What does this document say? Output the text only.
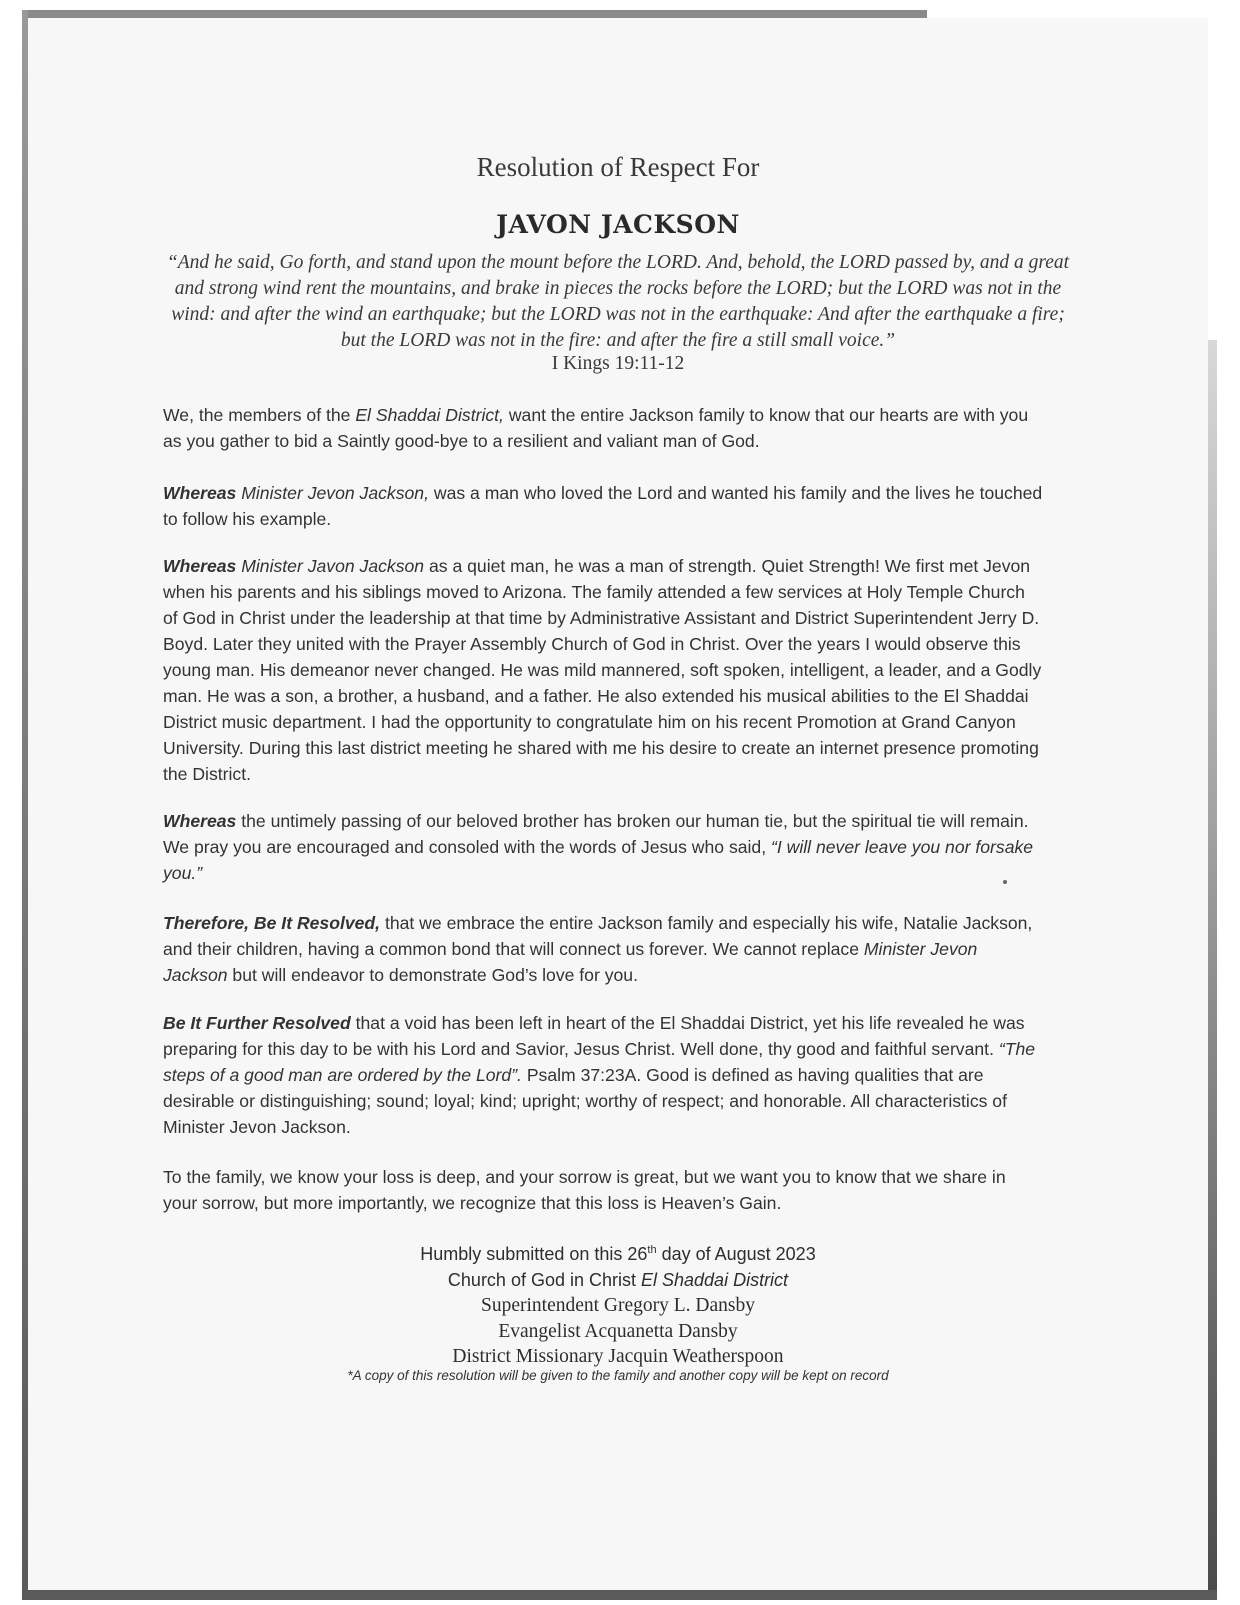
Resolution of Respect For
JAVON JACKSON
“And he said, Go forth, and stand upon the mount before the LORD. And, behold, the LORD passed by, and a great and strong wind rent the mountains, and brake in pieces the rocks before the LORD; but the LORD was not in the wind: and after the wind an earthquake; but the LORD was not in the earthquake: And after the earthquake a fire; but the LORD was not in the fire: and after the fire a still small voice.”
I Kings 19:11-12
We, the members of the El Shaddai District, want the entire Jackson family to know that our hearts are with you as you gather to bid a Saintly good-bye to a resilient and valiant man of God.
Whereas Minister Jevon Jackson, was a man who loved the Lord and wanted his family and the lives he touched to follow his example.
Whereas Minister Javon Jackson as a quiet man, he was a man of strength. Quiet Strength! We first met Jevon when his parents and his siblings moved to Arizona. The family attended a few services at Holy Temple Church of God in Christ under the leadership at that time by Administrative Assistant and District Superintendent Jerry D. Boyd. Later they united with the Prayer Assembly Church of God in Christ. Over the years I would observe this young man. His demeanor never changed. He was mild mannered, soft spoken, intelligent, a leader, and a Godly man. He was a son, a brother, a husband, and a father. He also extended his musical abilities to the El Shaddai District music department. I had the opportunity to congratulate him on his recent Promotion at Grand Canyon University. During this last district meeting he shared with me his desire to create an internet presence promoting the District.
Whereas the untimely passing of our beloved brother has broken our human tie, but the spiritual tie will remain. We pray you are encouraged and consoled with the words of Jesus who said, “I will never leave you nor forsake you.”
Therefore, Be It Resolved, that we embrace the entire Jackson family and especially his wife, Natalie Jackson, and their children, having a common bond that will connect us forever. We cannot replace Minister Jevon Jackson but will endeavor to demonstrate God’s love for you.
Be It Further Resolved that a void has been left in heart of the El Shaddai District, yet his life revealed he was preparing for this day to be with his Lord and Savior, Jesus Christ. Well done, thy good and faithful servant. “The steps of a good man are ordered by the Lord”. Psalm 37:23A. Good is defined as having qualities that are desirable or distinguishing; sound; loyal; kind; upright; worthy of respect; and honorable. All characteristics of Minister Jevon Jackson.
To the family, we know your loss is deep, and your sorrow is great, but we want you to know that we share in your sorrow, but more importantly, we recognize that this loss is Heaven’s Gain.
Humbly submitted on this 26th day of August 2023
Church of God in Christ El Shaddai District
Superintendent Gregory L. Dansby
Evangelist Acquanetta Dansby
District Missionary Jacquin Weatherspoon
*A copy of this resolution will be given to the family and another copy will be kept on record
